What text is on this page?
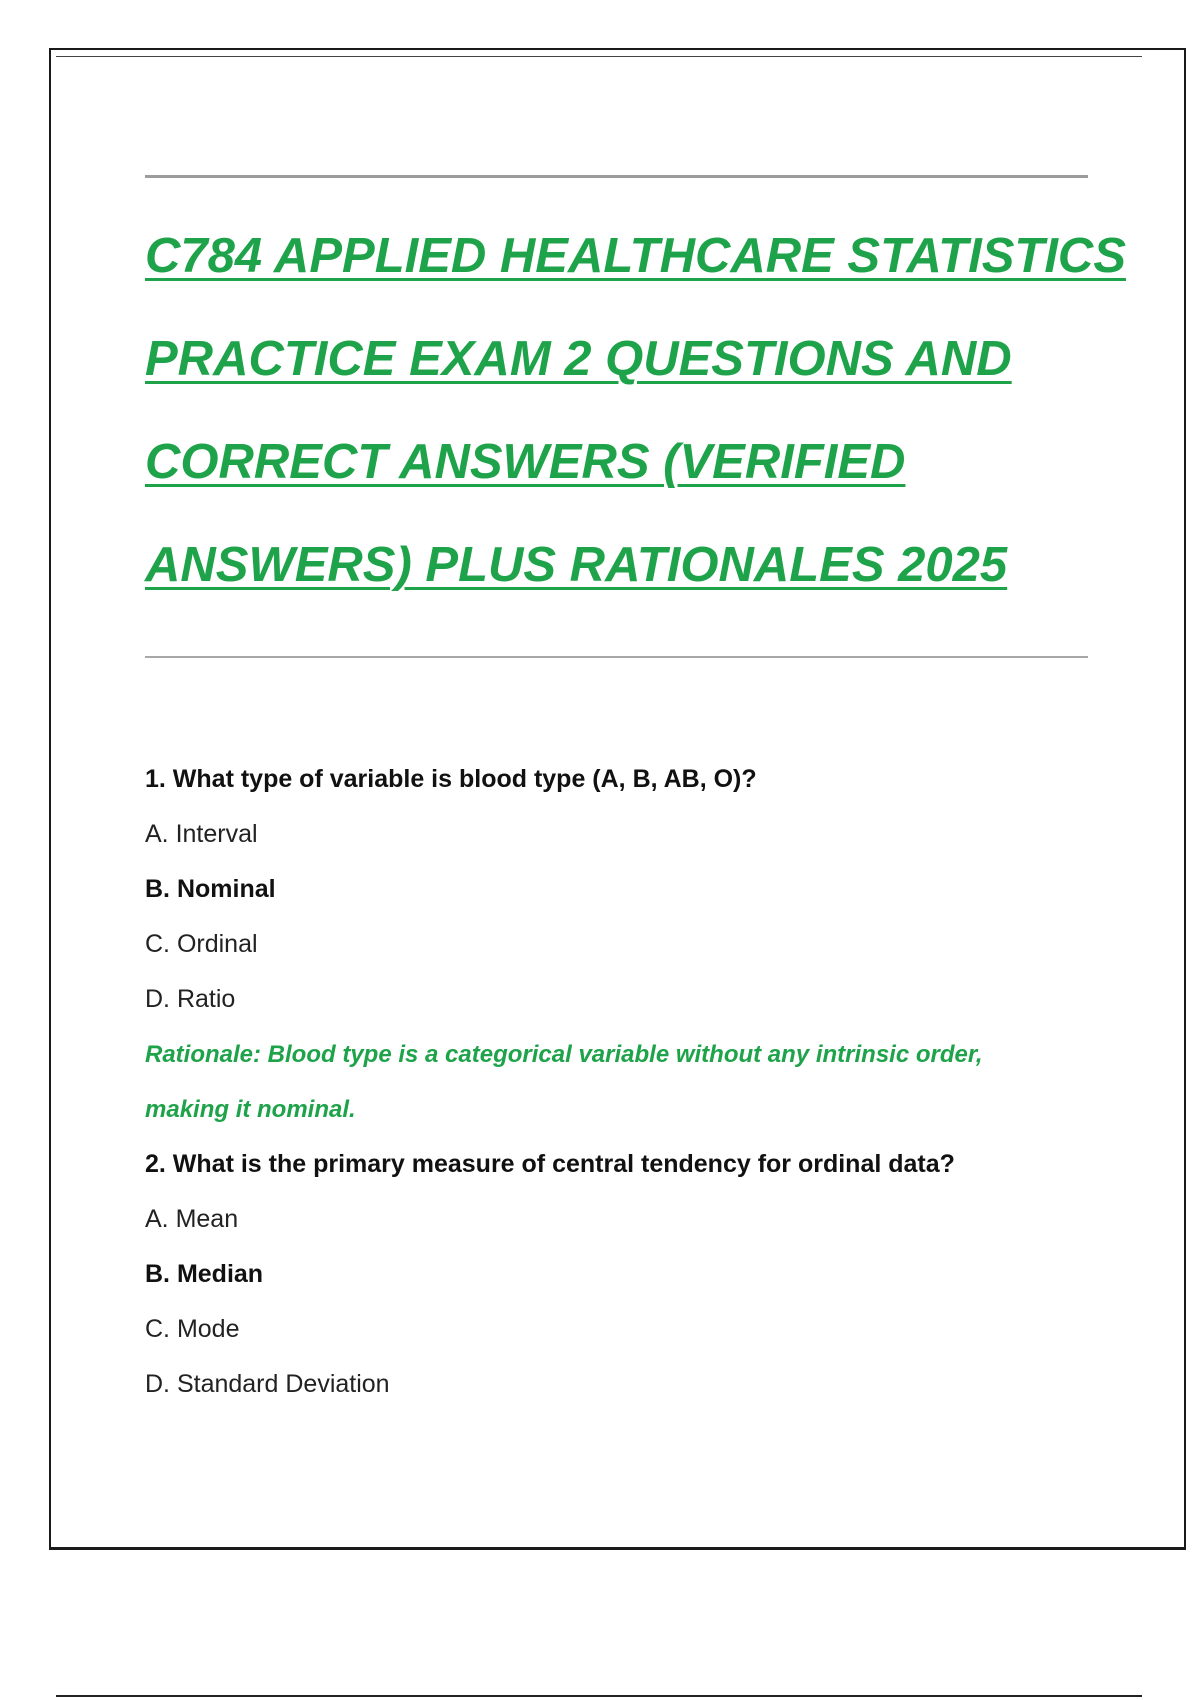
C784 APPLIED HEALTHCARE STATISTICS
PRACTICE EXAM 2 QUESTIONS AND
CORRECT ANSWERS (VERIFIED
ANSWERS) PLUS RATIONALES 2025
1. What type of variable is blood type (A, B, AB, O)?
A. Interval
B. Nominal
C. Ordinal
D. Ratio
Rationale: Blood type is a categorical variable without any intrinsic order,
making it nominal.
2. What is the primary measure of central tendency for ordinal data?
A. Mean
B. Median
C. Mode
D. Standard Deviation
